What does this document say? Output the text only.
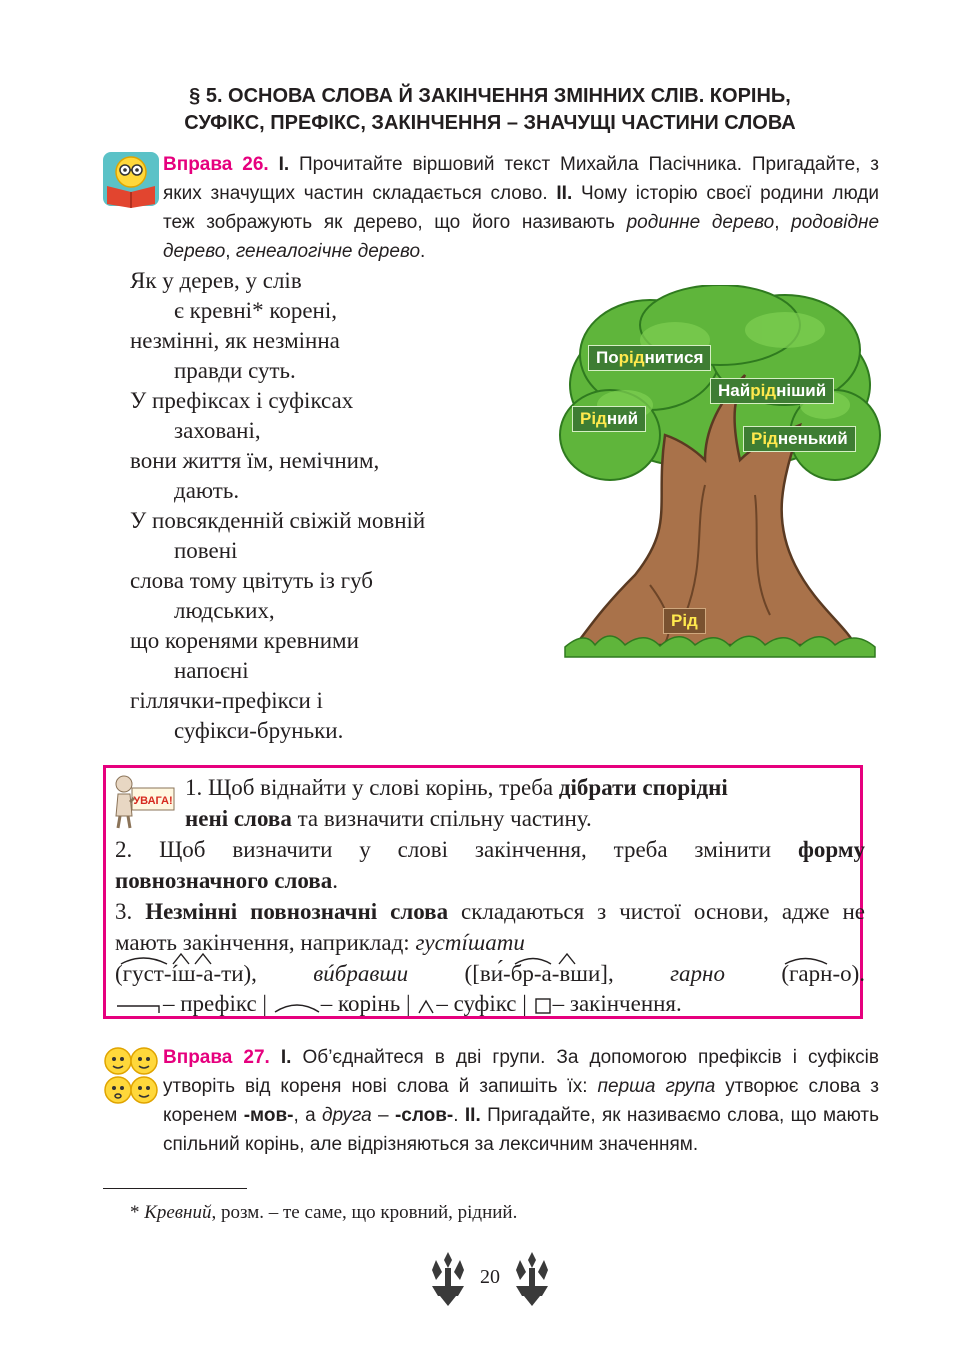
§ 5. ОСНОВА СЛОВА Й ЗАКІНЧЕННЯ ЗМІННИХ СЛІВ. КОРІНЬ,
СУФІКС, ПРЕФІКС, ЗАКІНЧЕННЯ – ЗНАЧУЩІ ЧАСТИНИ СЛОВА
Вправа 26. I. Прочитайте віршовий текст Михайла Пасічника. Пригадайте, з яких значущих частин складається слово. II. Чому історію своєї родини люди теж зображують як дерево, що його називають родинне дерево, родовідне дерево, генеалогічне дерево.
Як у дерев, у слів
є кревні* корені,
незмінні, як незмінна
правди суть.
У префіксах і суфіксах
заховані,
вони життя їм, немічним,
дають.
У повсякденній свіжій мовній
повені
слова тому цвітуть із губ
людських,
що коренями кревними
напоєні
гіллячки-префікси і
суфікси-бруньки.
Поріднитися
Найрідніший
Рідний
Рідненький
Рід
УВАГА!
1. Щоб віднайти у слові корінь, треба дібрати спорідні
нені слова та визначити спільну частину.
2. Щоб визначити у слові закінчення, треба змінити форму
повнозначного слова.
3. Незмінні повнозначні слова складаються з чистої основи, адже не мають закінчення, наприклад: густíшати
(густ-íш-а-ти), вúбравши ([ви́-бр-а-вши], гарно (гарн-о).
– префікс | – корінь | – суфікс | – закінчення.
Вправа 27. I. Об’єднайтеся в дві групи. За допомогою префіксів і суфіксів утворіть від кореня нові слова й запишіть їх: перша група утворює слова з коренем -мов-, а друга – -слов-. II. Пригадайте, як називаємо слова, що мають спільний корінь, але відрізняються за лексичним значенням.
* Кревний, розм. – те саме, що кровний, рідний.
20
